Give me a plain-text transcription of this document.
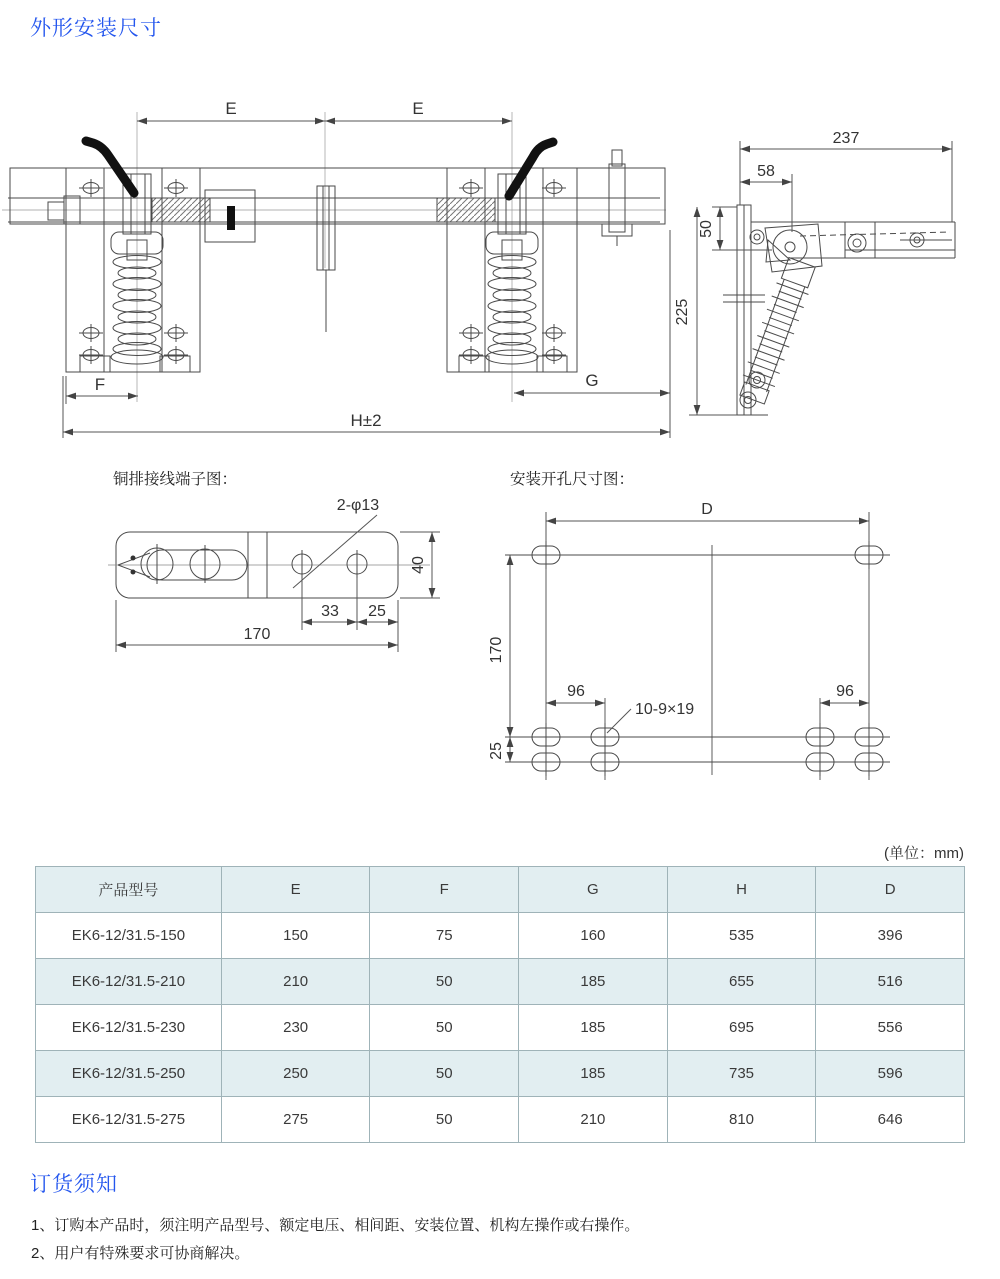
外形安装尺寸
E	E
F	G
H±2
237
58
50
225
铜排接线端子图：
2-φ13
40
33 25
170
安装开孔尺寸图：
D
170
25
96	96
10-9×19
(单位：mm)
产品型号	E	F	G	H	D
EK6-12/31.5-150	150	75	160	535	396
EK6-12/31.5-210	210	50	185	655	516
EK6-12/31.5-230	230	50	185	695	556
EK6-12/31.5-250	250	50	185	735	596
EK6-12/31.5-275	275	50	210	810	646
订货须知

1、订购本产品时，须注明产品型号、额定电压、相间距、安装位置、机构左操作或右操作。

2、用户有特殊要求可协商解决。
